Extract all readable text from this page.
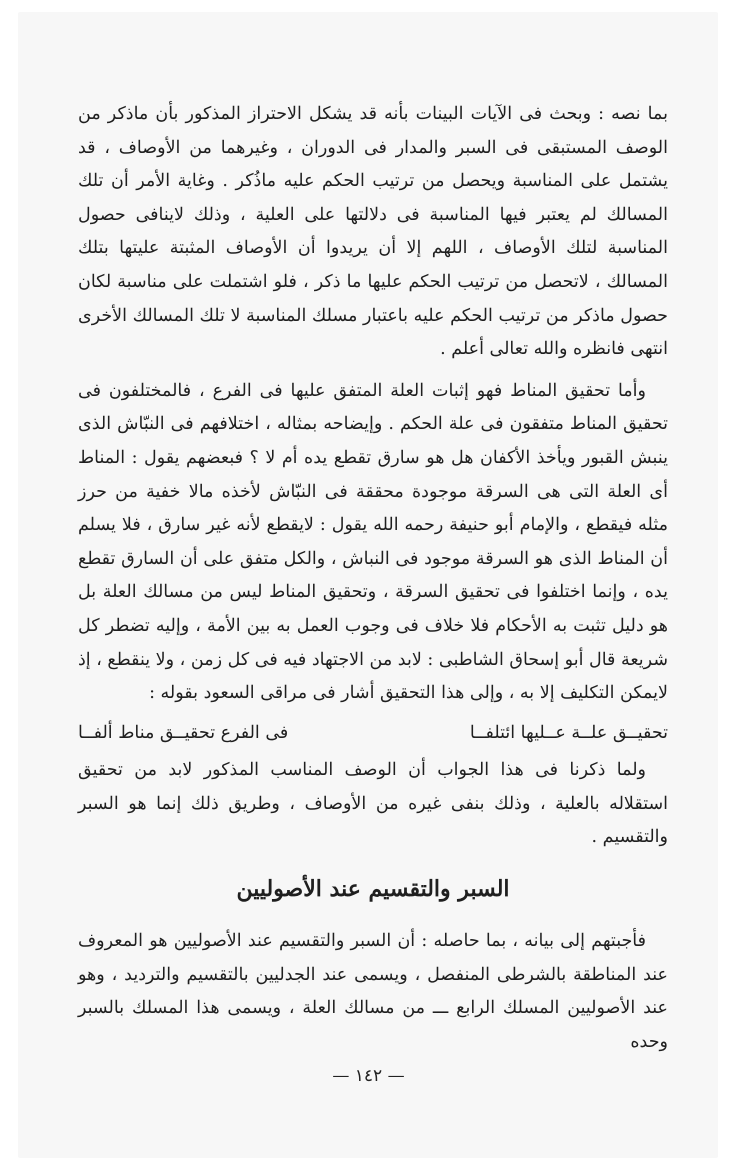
بما نصه : وبحث فى الآيات البينات بأنه قد يشكل الاحتراز المذكور بأن ماذكر من الوصف المستبقى فى السبر والمدار فى الدوران ، وغيرهما من الأوصاف ، قد يشتمل على المناسبة ويحصل من ترتيب الحكم عليه ماذُكر . وغاية الأمر أن تلك المسالك لم يعتبر فيها المناسبة فى دلالتها على العلية ، وذلك لاينافى حصول المناسبة لتلك الأوصاف ، اللهم إلا أن يريدوا أن الأوصاف المثبتة عليتها بتلك المسالك ، لاتحصل من ترتيب الحكم عليها ما ذكر ، فلو اشتملت على مناسبة لكان حصول ماذكر من ترتيب الحكم عليه باعتبار مسلك المناسبة لا تلك المسالك الأخرى انتهى فانظره والله تعالى أعلم .

وأما تحقيق المناط فهو إثبات العلة المتفق عليها فى الفرع ، فالمختلفون فى تحقيق المناط متفقون فى علة الحكم . وإيضاحه بمثاله ، اختلافهم فى النبّاش الذى ينبش القبور ويأخذ الأكفان هل هو سارق تقطع يده أم لا ؟ فبعضهم يقول : المناط أى العلة التى هى السرقة موجودة محققة فى النبّاش لأخذه مالا خفية من حرز مثله فيقطع ، والإمام أبو حنيفة رحمه الله يقول : لايقطع لأنه غير سارق ، فلا يسلم أن المناط الذى هو السرقة موجود فى النباش ، والكل متفق على أن السارق تقطع يده ، وإنما اختلفوا فى تحقيق السرقة ، وتحقيق المناط ليس من مسالك العلة بل هو دليل تثبت به الأحكام فلا خلاف فى وجوب العمل به بين الأمة ، وإليه تضطر كل شريعة قال أبو إسحاق الشاطبى : لابد من الاجتهاد فيه فى كل زمن ، ولا ينقطع ، إذ لايمكن التكليف إلا به ، وإلى هذا التحقيق أشار فى مراقى السعود بقوله :

تحقيــق علــة عــليها ائتلفــا
فى الفرع تحقيــق مناط ألفــا

ولما ذكرنا فى هذا الجواب أن الوصف المناسب المذكور لابد من تحقيق استقلاله بالعلية ، وذلك بنفى غيره من الأوصاف ، وطريق ذلك إنما هو السبر والتقسيم .

السبر والتقسيم عند الأصوليين

فأجبتهم إلى بيانه ، بما حاصله : أن السبر والتقسيم عند الأصوليين هو المعروف عند المناطقة بالشرطى المنفصل ، ويسمى عند الجدليين بالتقسيم والترديد ، وهو عند الأصوليين المسلك الرابع ـــ من مسالك العلة ، ويسمى هذا المسلك بالسبر وحده

— ١٤٢ —
